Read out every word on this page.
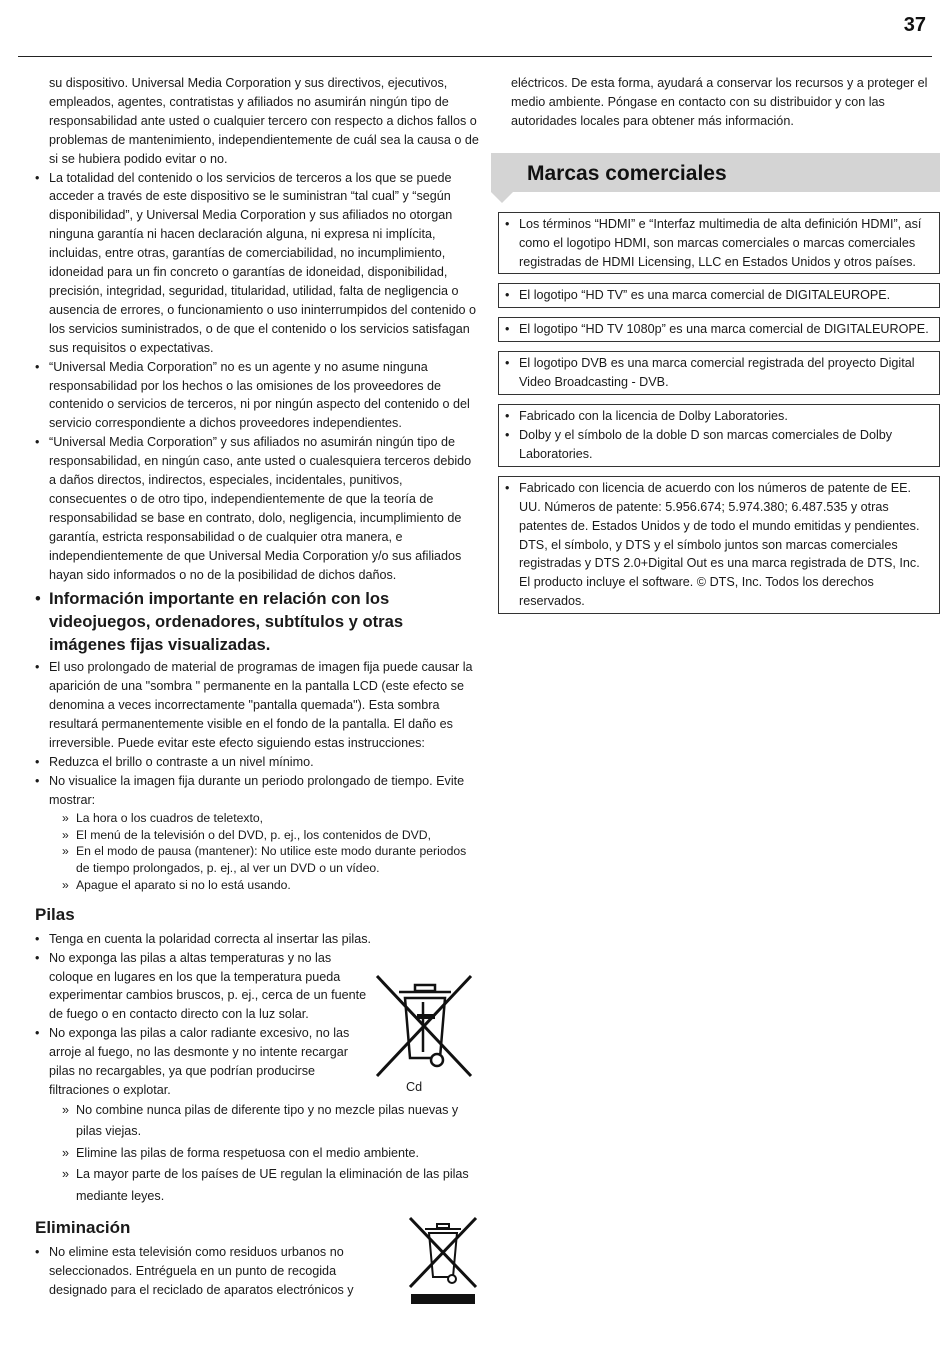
37

su dispositivo. Universal Media Corporation y sus directivos, ejecutivos, empleados, agentes, contratistas y afiliados no asumirán ningún tipo de responsabilidad ante usted o cualquier tercero con respecto a dichos fallos o problemas de mantenimiento, independientemente de cuál sea la causa o de si se hubiera podido evitar o no.

• La totalidad del contenido o los servicios de terceros a los que se puede acceder a través de este dispositivo se le suministran “tal cual” y “según disponibilidad”, y Universal Media Corporation y sus afiliados no otorgan ninguna garantía ni hacen declaración alguna, ni expresa ni implícita, incluidas, entre otras, garantías de comerciabilidad, no incumplimiento, idoneidad para un fin concreto o garantías de idoneidad, disponibilidad, precisión, integridad, seguridad, titularidad, utilidad, falta de negligencia o ausencia de errores, o funcionamiento o uso ininterrumpidos del contenido o los servicios suministrados, o de que el contenido o los servicios satisfagan sus requisitos o expectativas.

• “Universal Media Corporation” no es un agente y no asume ninguna responsabilidad por los hechos o las omisiones de los proveedores de contenido o servicios de terceros, ni por ningún aspecto del contenido o del servicio correspondiente a dichos proveedores independientes.

• “Universal Media Corporation” y sus afiliados no asumirán ningún tipo de responsabilidad, en ningún caso, ante usted o cualesquiera terceros debido a daños directos, indirectos, especiales, incidentales, punitivos, consecuentes o de otro tipo, independientemente de que la teoría de responsabilidad se base en contrato, dolo, negligencia, incumplimiento de garantía, estricta responsabilidad o de cualquier otra manera, e independientemente de que Universal Media Corporation y/o sus afiliados hayan sido informados o no de la posibilidad de dichos daños.

• Información importante en relación con los videojuegos, ordenadores, subtítulos y otras imágenes fijas visualizadas.

• El uso prolongado de material de programas de imagen fija puede causar la aparición de una "sombra " permanente en la pantalla LCD (este efecto se denomina a veces incorrectamente "pantalla quemada"). Esta sombra resultará permanentemente visible en el fondo de la pantalla. El daño es irreversible. Puede evitar este efecto siguiendo estas instrucciones:

• Reduzca el brillo o contraste a un nivel mínimo.

• No visualice la imagen fija durante un periodo prolongado de tiempo. Evite mostrar:

» La hora o los cuadros de teletexto,

» El menú de la televisión o del DVD, p. ej., los contenidos de DVD,

» En el modo de pausa (mantener): No utilice este modo durante periodos de tiempo prolongados, p. ej., al ver un DVD o un vídeo.

» Apague el aparato si no lo está usando.

Pilas

• Tenga en cuenta la polaridad correcta al insertar las pilas.

• No exponga las pilas a altas temperaturas y no las coloque en lugares en los que la temperatura pueda experimentar cambios bruscos, p. ej., cerca de un fuente de fuego o en contacto directo con la luz solar.

• No exponga las pilas a calor radiante excesivo, no las arroje al fuego, no las desmonte y no intente recargar pilas no recargables, ya que podrían producirse filtraciones o explotar.

» No combine nunca pilas de diferente tipo y no mezcle pilas nuevas y pilas viejas.

» Elimine las pilas de forma respetuosa con el medio ambiente.

» La mayor parte de los países de UE regulan la eliminación de las pilas mediante leyes.

Cd
Eliminación

• No elimine esta televisión como residuos urbanos no seleccionados. Entréguela en un punto de recogida designado para el reciclado de aparatos electrónicos y

eléctricos. De esta forma, ayudará a conservar los recursos y a proteger el medio ambiente. Póngase en contacto con su distribuidor y con las autoridades locales para obtener más información.

Marcas comerciales

• Los términos “HDMI” e “Interfaz multimedia de alta definición HDMI”, así como el logotipo HDMI, son marcas comerciales o marcas comerciales registradas de HDMI Licensing, LLC en Estados Unidos y otros países.

• El logotipo “HD TV” es una marca comercial de DIGITALEUROPE.

• El logotipo “HD TV 1080p” es una marca comercial de DIGITALEUROPE.

• El logotipo DVB es una marca comercial registrada del proyecto Digital Video Broadcasting - DVB.

• Fabricado con la licencia de Dolby Laboratories.

• Dolby y el símbolo de la doble D son marcas comerciales de Dolby Laboratories.

• Fabricado con licencia de acuerdo con los números de patente de EE. UU. Números de patente: 5.956.674; 5.974.380; 6.487.535 y otras patentes de. Estados Unidos y de todo el mundo emitidas y pendientes. DTS, el símbolo, y DTS y el símbolo juntos son marcas comerciales registradas y DTS 2.0+Digital Out es una marca registrada de DTS, Inc. El producto incluye el software. © DTS, Inc. Todos los derechos reservados.
